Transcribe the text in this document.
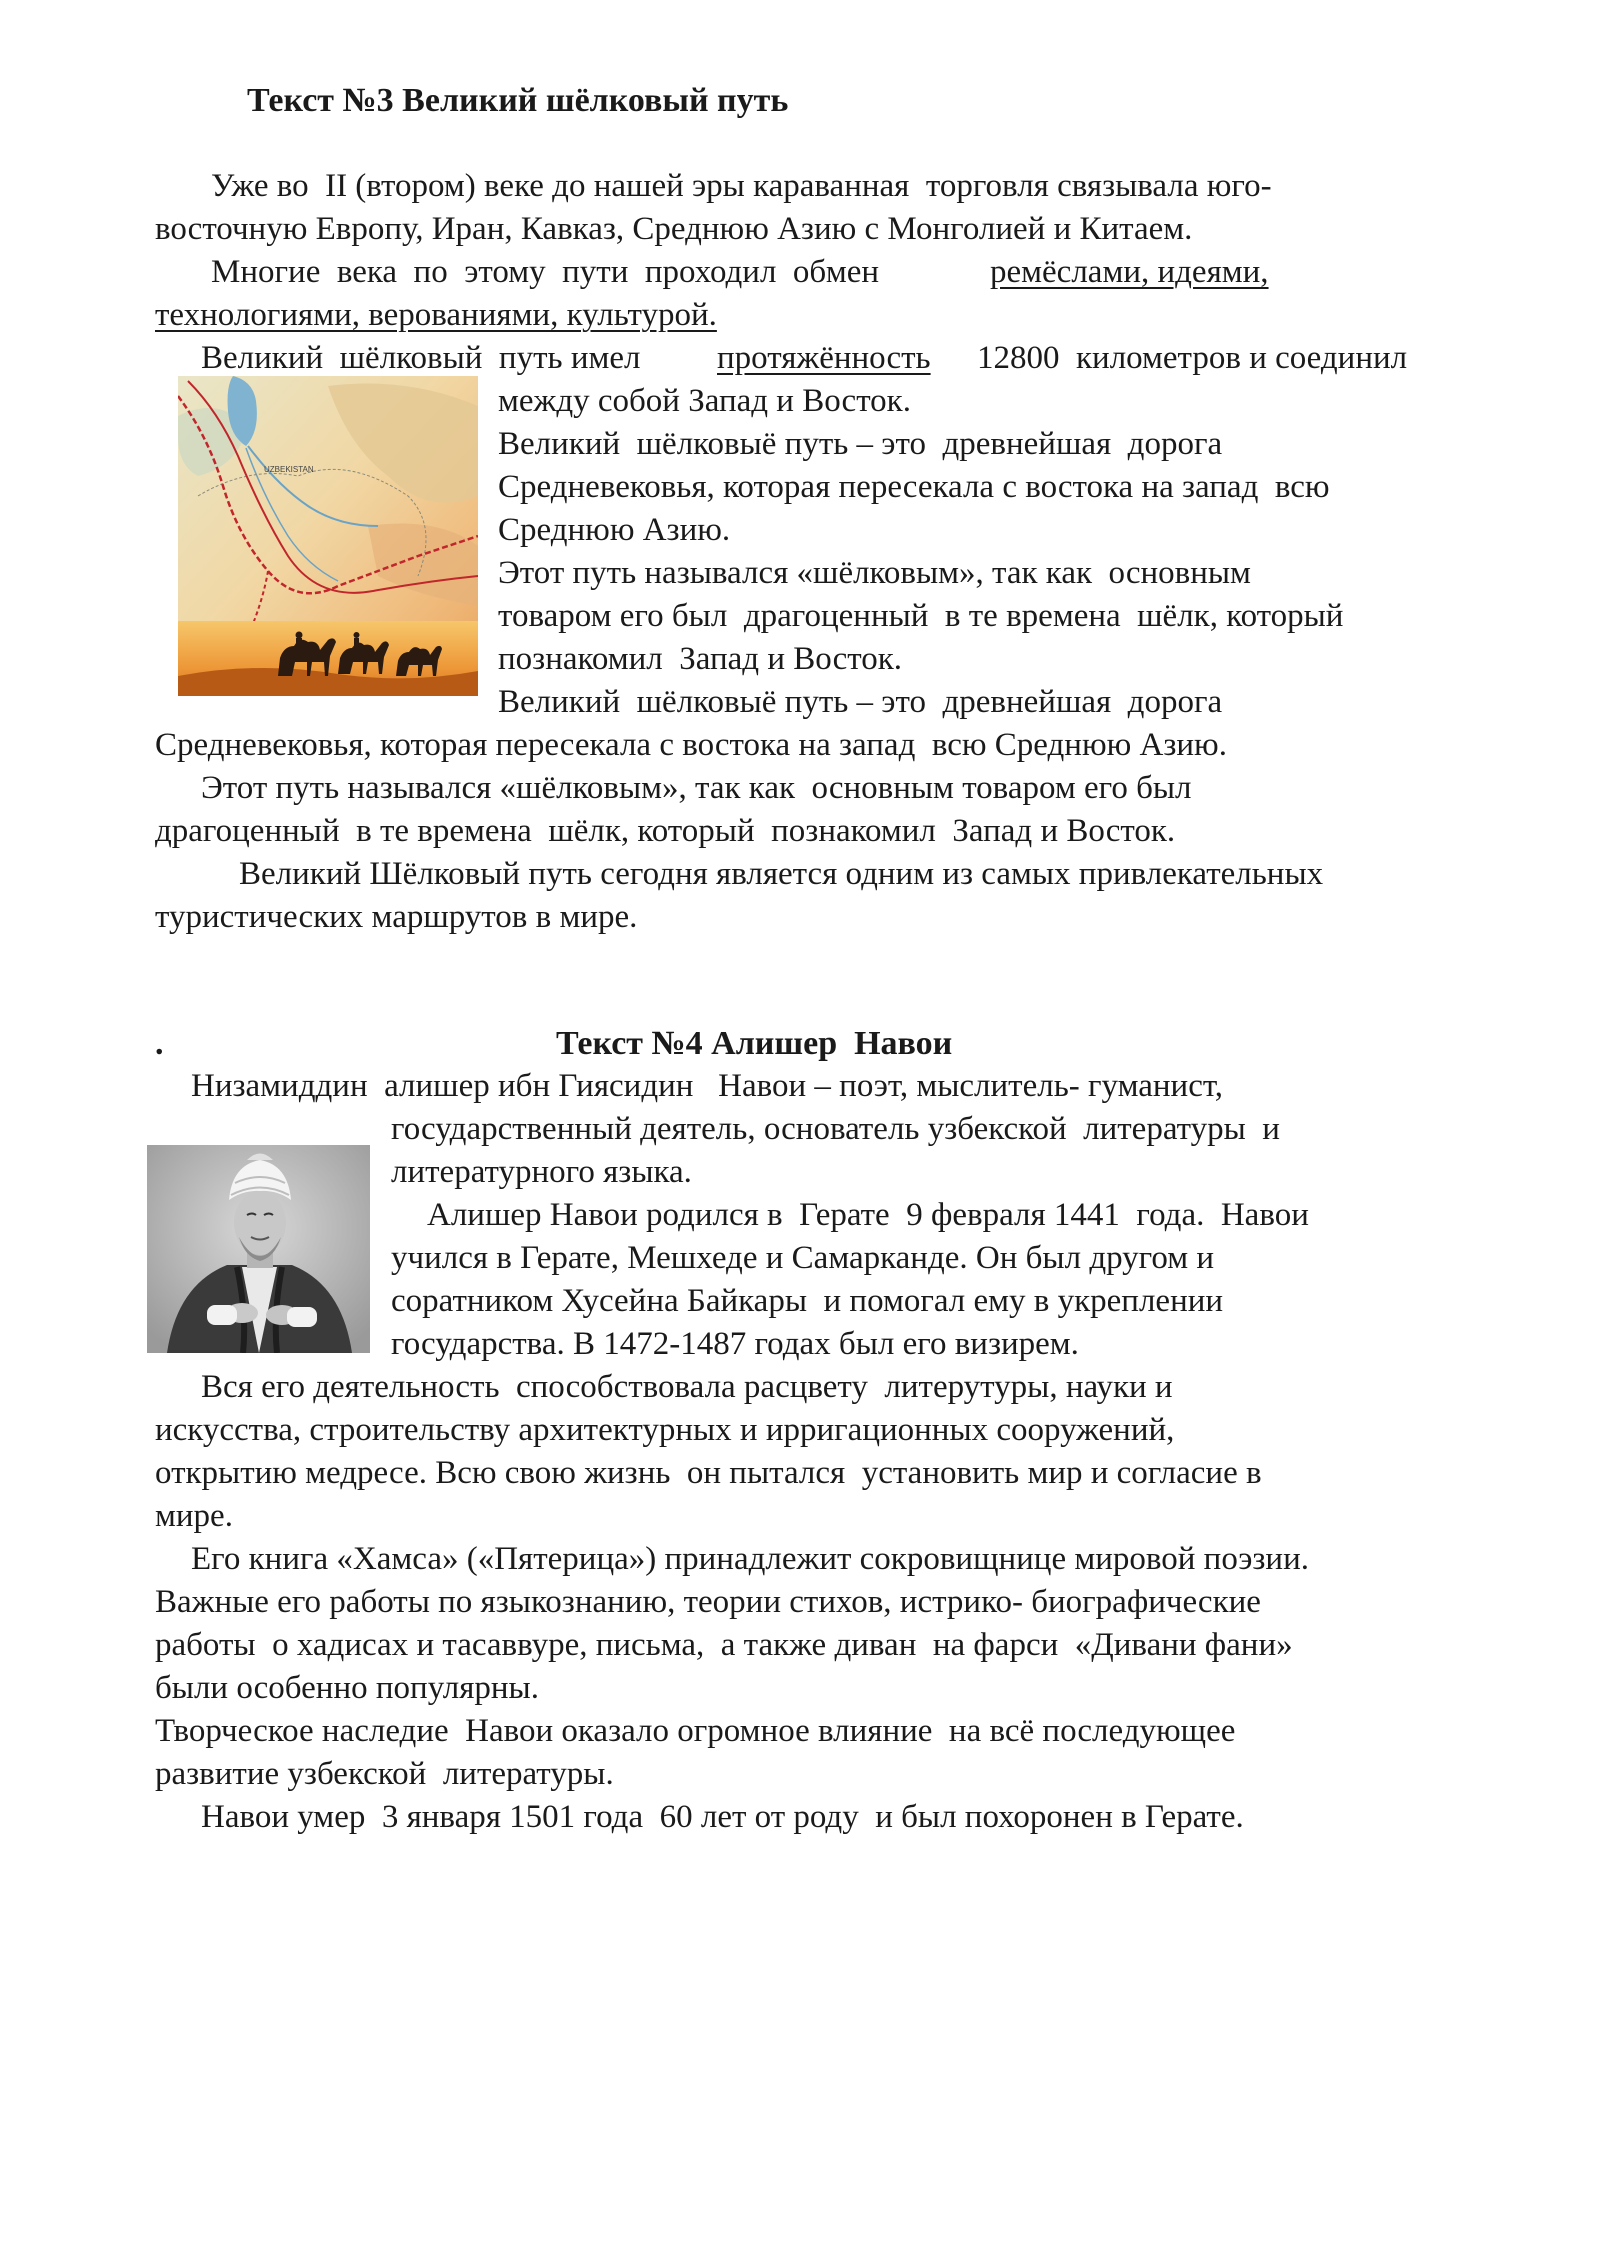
Текст №3 Великий шёлковый путь
Уже во  II (втором) веке до нашей эры караванная  торговля связывала юго-
восточную Европу, Иран, Кавказ, Среднюю Азию с Монголией и Китаем.
Многие  века  по  этому  пути  проходил  обмен	ремёслами, идеями,
технологиями, верованиями, культурой.
Великий  шёлковый  путь имел протяжённость 12800  километров и соединил
между собой Запад и Восток.
Великий  шёлковыё путь – это  древнейшая  дорога
Средневековья, которая пересекала с востока на запад  всю
Среднюю Азию.
Этот путь назывался «шёлковым», так как  основным
товаром его был  драгоценный  в те времена  шёлк, который
познакомил  Запад и Восток.
Великий  шёлковыё путь – это  древнейшая  дорога
Средневековья, которая пересекала с востока на запад  всю Среднюю Азию.
Этот путь назывался «шёлковым», так как  основным товаром его был
драгоценный  в те времена  шёлк, который  познакомил  Запад и Восток.
Великий Шёлковый путь сегодня является одним из самых привлекательных
туристических маршрутов в мире.
UZBEKISTAN
.	Текст №4 Алишер  Навои
Низамиддин  алишер ибн Гиясидин   Навои – поэт, мыслитель- гуманист,
государственный деятель, основатель узбекской  литературы  и
литературного языка.
Алишер Навои родился в  Герате  9 февраля 1441  года.  Навои
учился в Герате, Мешхеде и Самарканде. Он был другом и
соратником Хусейна Байкары  и помогал ему в укреплении
государства. В 1472-1487 годах был его визирем.
Вся его деятельность  способствовала расцвету  литерутуры, науки и
искусства, строительству архитектурных и ирригационных сооружений,
открытию медресе. Всю свою жизнь  он пытался  установить мир и согласие в
мире.
Его книга «Хамса» («Пятерица») принадлежит сокровищнице мировой поэзии.
Важные его работы по языкознанию, теории стихов, истрико- биографические
работы  о хадисах и тасаввуре, письма,  а также диван  на фарси  «Дивани фани»
были особенно популярны.
Творческое наследие  Навои оказало огромное влияние  на всё последующее
развитие узбекской  литературы.
Навои умер  3 января 1501 года  60 лет от роду  и был похоронен в Герате.
